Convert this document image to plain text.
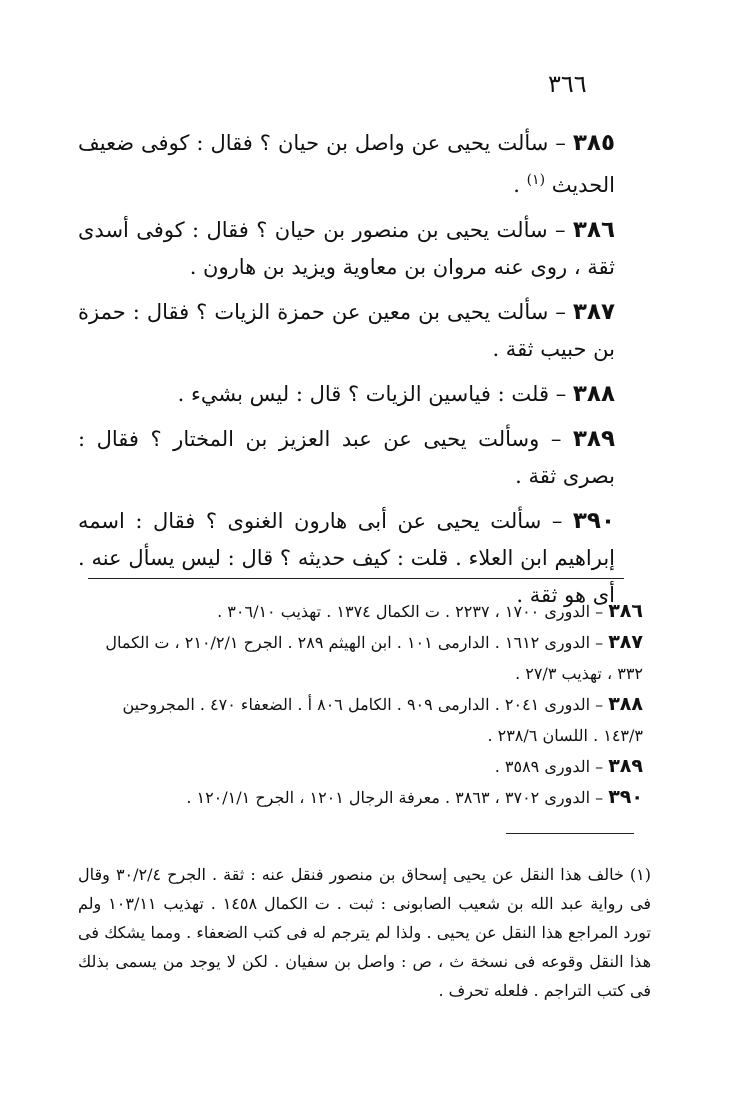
٣٦٦

٣٨٥ – سألت يحيى عن واصل بن حيان ؟ فقال : كوفى ضعيف الحديث $^{(١)}$ .

٣٨٦ – سألت يحيى بن منصور بن حيان ؟ فقال : كوفى أسدى ثقة ، روى عنه مروان بن معاوية ويزيد بن هارون .

٣٨٧ – سألت يحيى بن معين عن حمزة الزيات ؟ فقال : حمزة بن حبيب ثقة .

٣٨٨ – قلت : فياسين الزيات ؟ قال : ليس بشيء .

٣٨٩ – وسألت يحيى عن عبد العزيز بن المختار ؟ فقال : بصرى ثقة .

٣٩٠ – سألت يحيى عن أبى هارون الغنوى ؟ فقال : اسمه إبراهيم ابن العلاء . قلت : كيف حديثه ؟ قال : ليس يسأل عنه . أى هو ثقة .

٣٨٦ – الدورى ١٧٠٠ ، ٢٢٣٧ . ت الكمال ١٣٧٤ . تهذيب ٣٠٦/١٠ .

٣٨٧ – الدورى ١٦١٢ . الدارمى ١٠١ . ابن الهيثم ٢٨٩ . الجرح ٢١٠/٢/١ ، ت الكمال ٣٣٢ ، تهذيب ٢٧/٣ .

٣٨٨ – الدورى ٢٠٤١ . الدارمى ٩٠٩ . الكامل ٨٠٦ أ . الضعفاء ٤٧٠ . المجروحين ١٤٣/٣ . اللسان ٢٣٨/٦ .

٣٨٩ – الدورى ٣٥٨٩ .

٣٩٠ – الدورى ٣٧٠٢ ، ٣٨٦٣ . معرفة الرجال ١٢٠١ ، الجرح ١٢٠/١/١ .

(١) خالف هذا النقل عن يحيى إسحاق بن منصور فنقل عنه : ثقة . الجرح ٣٠/٢/٤ وقال فى رواية عبد الله بن شعيب الصابونى : ثبت . ت الكمال ١٤٥٨ . تهذيب ١٠٣/١١ ولم تورد المراجع هذا النقل عن يحيى . ولذا لم يترجم له فى كتب الضعفاء . ومما يشكك فى هذا النقل وقوعه فى نسخة ث ، ص : واصل بن سفيان . لكن لا يوجد من يسمى بذلك فى كتب التراجم . فلعله تحرف .
